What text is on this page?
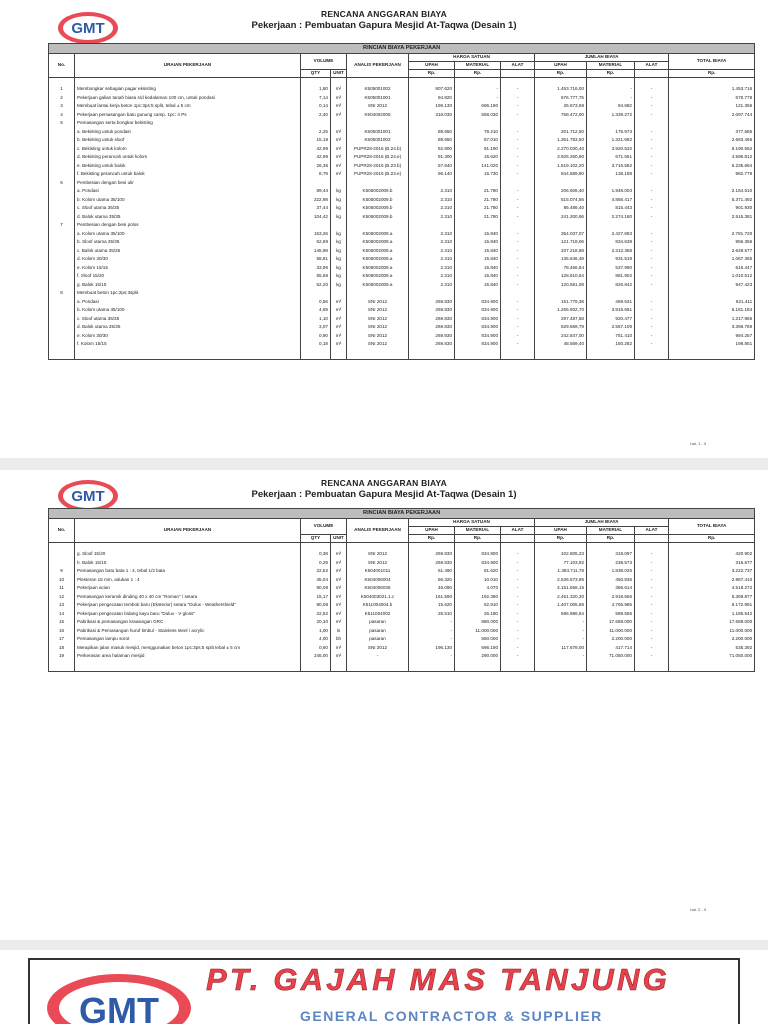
GMT
RENCANA ANGGARAN BIAYA
Pekerjaan : Pembuatan Gapura Mesjid At-Taqwa (Desain 1)
RINCIAN BIAYA PEKERJAAN											
No.	URAIAN PEKERJAAN	VOLUME		ANALIS PEKERJAAN	HARGA SATUAN			JUMLAH BIAYA			TOTAL BIAYA
					UPAH	MATERIAL	ALAT	UPAH	MATERIAL	ALAT	
		QTY	UNIT		Rp.	Rp.		Rp.	Rp.		Rp.

1	Membongkar sebagian pagar eksisting	1,80	m²	K505001002	807.620	-	-	1.453.716,00	-	-	1.453.716
2	Pekerjaan galian tanah biasa s/d kedalaman 100 cm, untuk pondasi	7,14	m³	K505001001	94.820	-	-	676.777,75	-	-	676.778
3	Membuat lantai kerja beton 1pc:3ps:5 split, tebal ± 5 cm	0,14	m³	SNI 2012	196.130	696.190	-	26.673,68	94.682	-	121.356
4	Pekerjaan pemasangan batu gunung camp. 1pc: 4 Ps	2,40	m³	K504002005	316.030	558.030	-	758.472,00	1.339.272	-	2.097.744
5	Pemasangan serta bongkar bekisting										
	a. Bekisting untuk pondasi	2,25	m²	K505001001	89.650	78.210	-	201.712,50	175.973	-	377.685
	b. Bekisting untuk sloof	15,19	m²	K505001002	89.650	87.010	-	1.361.783,50	1.321.682	-	2.683.465
	c. Bekisting untuk kolom	42,99	m²	PUPR28-2016 (B.24.b)	52.800	91.190	-	2.270.030,40	3.920.532	-	6.190.562
	d. Bekisting perancah untuk kolom	42,99	m²	PUPR28-2016 (B.24.e)	91.300	15.620	-	3.925.260,90	671.551	-	4.596.812
	e. Bekisting untuk balok	26,36	m²	PUPR28-2016 (B.23.b)	57.640	141.020	-	1.519.102,20	3.716.582	-	5.235.684
	f. Bekisting perancah untuk balok	8,79	m²	PUPR28-2016 (B.23.e)	96.140	15.730	-	844.589,90	138.188	-	982.778
6	Pembesian dengan besi ulir										
	a. Pondasi	89,44	kg	K505002009.b	2.310	21.780	-	206.606,40	1.948.003	-	2.154.610
	b. Kolom utama 35/100	222,98	kg	K505002009.b	2.310	21.780	-	515.074,56	4.856.417	-	5.371.492
	c. Sloof utama 35/35	37,44	kg	K505002009.b	2.310	21.780	-	86.486,40	815.443	-	901.930
	d. Balok utama 35/35	104,42	kg	K505002009.b	2.310	21.780	-	241.200,96	2.274.180	-	2.515.381
7	Pembesian dengan besi polos										
	a. Kolom utama 35/100	153,26	kg	K505002009.a	2.310	15.840	-	354.037,07	2.427.683	-	2.781.720
	b. Sloof utama 35/35	52,69	kg	K505002009.a	2.310	15.840	-	121.718,06	834.638	-	956.356
	c. Balok utama 35/35	145,98	kg	K505002009.a	2.310	15.840	-	337.218,88	2.312.358	-	2.649.577
	d. Kolom 30/30	58,81	kg	K505002009.a	2.310	15.840	-	135.846,48	931.519	-	1.067.365
	e. Kolom 15/15	33,96	kg	K505002009.a	2.310	15.840	-	78.456,84	537.990	-	616.447
	f. Sloof 15/20	55,68	kg	K505002009.a	2.310	15.840	-	128.610,64	881.902	-	1.010.512
	g. Balok 15/15	52,20	kg	K505002009.a	2.310	15.840	-	120.581,08	826.842	-	947.423
8	Membuat beton 1pc:2ps:3split										
	a. Pondasi	0,56	m³	SNI 2012	269.830	834.900	-	151.779,38	469.631	-	621.411
	b. Kolom utama 35/100	4,69	m³	SNI 2012	269.830	834.900	-	1.265.502,70	3.915.681	-	5.181.184
	c. Sloof utama 35/35	1,10	m³	SNI 2012	269.830	834.900	-	297.487,58	920.477	-	1.217.965
	d. Balok utama 35/35	3,07	m³	SNI 2012	269.830	834.900	-	829.659,79	2.567.109	-	3.396.769
	e. Kolom 30/30	0,90	m³	SNI 2012	269.830	834.900	-	242.847,00	751.410	-	994.257
	f. Kolom 15/15	0,18	m³	SNI 2012	269.830	834.900	-	48.569,40	150.282	-	198.851

hal. 1 - 3
GMT
RENCANA ANGGARAN BIAYA
Pekerjaan : Pembuatan Gapura Mesjid At-Taqwa (Desain 1)
RINCIAN BIAYA PEKERJAAN											
No.	URAIAN PEKERJAAN	VOLUME		ANALIS PEKERJAAN	HARGA SATUAN			JUMLAH BIAYA			TOTAL BIAYA
					UPAH	MATERIAL	ALAT	UPAH	MATERIAL	ALAT	
		QTY	UNIT		Rp.	Rp.		Rp.	Rp.		Rp.

	g. Sloof 15/20	0,38	m³	SNI 2012	269.830	834.900	-	102.805,23	318.097	-	420.902
	h. Balok 15/15	0,29	m³	SNI 2012	269.830	834.900	-	77.103,92	238.573	-	315.677
9	Pemasangan batu bata 1 : 4, tebal 1/2 bata	22,52	m²	K504001011	61.490	81.620	-	1.384.711,76	1.838.025	-	3.222.737
10	Plesteran 15 mm, adukan 1 : 4	45,04	m²	K504006004	56.320	10.010	-	2.536.573,95	450.836	-	2.987.410
11	Pekerjaan acian	90,08	m²	K504006035	46.090	4.070	-	4.151.658,15	366.614	-	4.518.272
12	Pemasangan keramik dinding 40 x 40 cm "Roman" / setara	15,17	m²	K504003021.1.c	161.590	192.390	-	2.451.320,30	2.918.556	-	5.369.877
13	Pekerjaan pengecatan tembok baru (Eksterior) setara "Dulux - Weathershield"	90,08	m²	K511004004.b	15.620	52.910	-	1.407.005,86	4.765.985	-	6.172.991
14	Pekerjaan pengecatan bidang kayu baru "Dulux - V gloss"	22,52	m²	K511004002	26.510	26.180	-	596.986,64	589.556	-	1.186.542
15	Pabrikasi & pemasangan krawangan GRC	20,10	m²	pasaran	-	880.000	-	-	17.688.000	-	17.688.000
16	Pabrikasi & Pemasangan huruf timbul - Stainless steel / acrylic	1,00	ls	pasaran	-	11.000.000	-	-	11.000.000	-	11.000.000
17	Pemasangan lampu sorot	4,00	bh	pasaran	-	550.000	-	-	2.200.000	-	2.200.000
18	Merapikan jalan masuk mesjid, menggunakan beton 1pc:3ps:5 split tebal ± 5 cm	0,60	m³	SNI 2012	196.130	696.190	-	117.678,00	417.714	-	535.392
19	Perkerasan area halaman mesjid	245,00	m²	-	-	290.000	-	-	71.050.000	-	71.050.000

hal. 2 - 3
GMT
PT. GAJAH MAS TANJUNG
GENERAL CONTRACTOR & SUPPLIER
